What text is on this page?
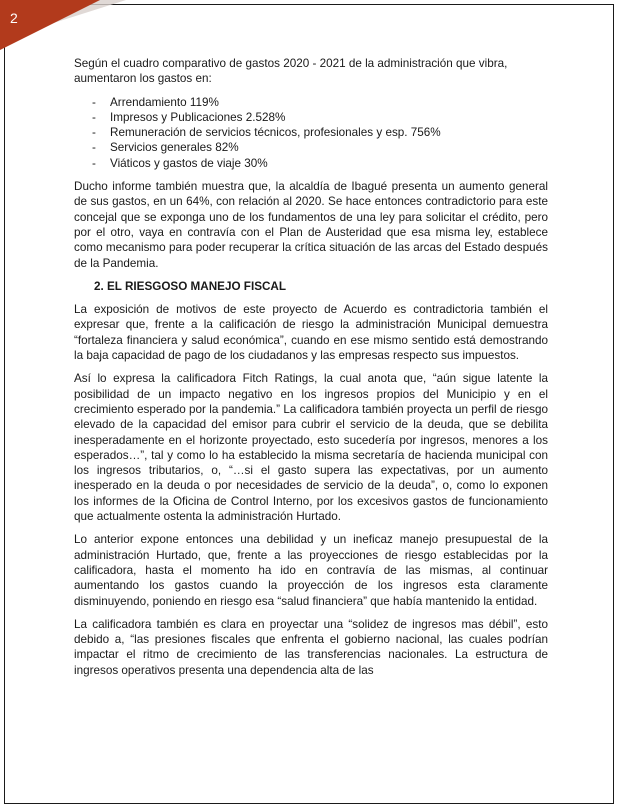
2

Según el cuadro comparativo de gastos 2020 - 2021 de la administración que vibra, aumentaron los gastos en:

- Arrendamiento 119%
- Impresos y Publicaciones 2.528%
- Remuneración de servicios técnicos, profesionales y esp. 756%
- Servicios generales 82%
- Viáticos y gastos de viaje 30%

Ducho informe también muestra que, la alcaldía de Ibagué presenta un aumento general de sus gastos, en un 64%, con relación al 2020. Se hace entonces contradictorio para este concejal que se exponga uno de los fundamentos de una ley para solicitar el crédito, pero por el otro, vaya en contravía con el Plan de Austeridad que esa misma ley, establece como mecanismo para poder recuperar la crítica situación de las arcas del Estado después de la Pandemia.

2. EL RIESGOSO MANEJO FISCAL

La exposición de motivos de este proyecto de Acuerdo es contradictoria también el expresar que, frente a la calificación de riesgo la administración Municipal demuestra “fortaleza financiera y salud económica”, cuando en ese mismo sentido está demostrando la baja capacidad de pago de los ciudadanos y las empresas respecto sus impuestos.

Así lo expresa la calificadora Fitch Ratings, la cual anota que, “aún sigue latente la posibilidad de un impacto negativo en los ingresos propios del Municipio y en el crecimiento esperado por la pandemia.” La calificadora también proyecta un perfil de riesgo elevado de la capacidad del emisor para cubrir el servicio de la deuda, que se debilita inesperadamente en el horizonte proyectado, esto sucedería por ingresos, menores a los esperados…”, tal y como lo ha establecido la misma secretaría de hacienda municipal con los ingresos tributarios, o, “…si el gasto supera las expectativas, por un aumento inesperado en la deuda o por necesidades de servicio de la deuda”, o, como lo exponen los informes de la Oficina de Control Interno, por los excesivos gastos de funcionamiento que actualmente ostenta la administración Hurtado.

Lo anterior expone entonces una debilidad y un ineficaz manejo presupuestal de la administración Hurtado, que, frente a las proyecciones de riesgo establecidas por la calificadora, hasta el momento ha ido en contravía de las mismas, al continuar aumentando los gastos cuando la proyección de los ingresos esta claramente disminuyendo, poniendo en riesgo esa “salud financiera” que había mantenido la entidad.

La calificadora también es clara en proyectar una “solidez de ingresos mas débil”, esto debido a, “las presiones fiscales que enfrenta el gobierno nacional, las cuales podrían impactar el ritmo de crecimiento de las transferencias nacionales. La estructura de ingresos operativos presenta una dependencia alta de las
